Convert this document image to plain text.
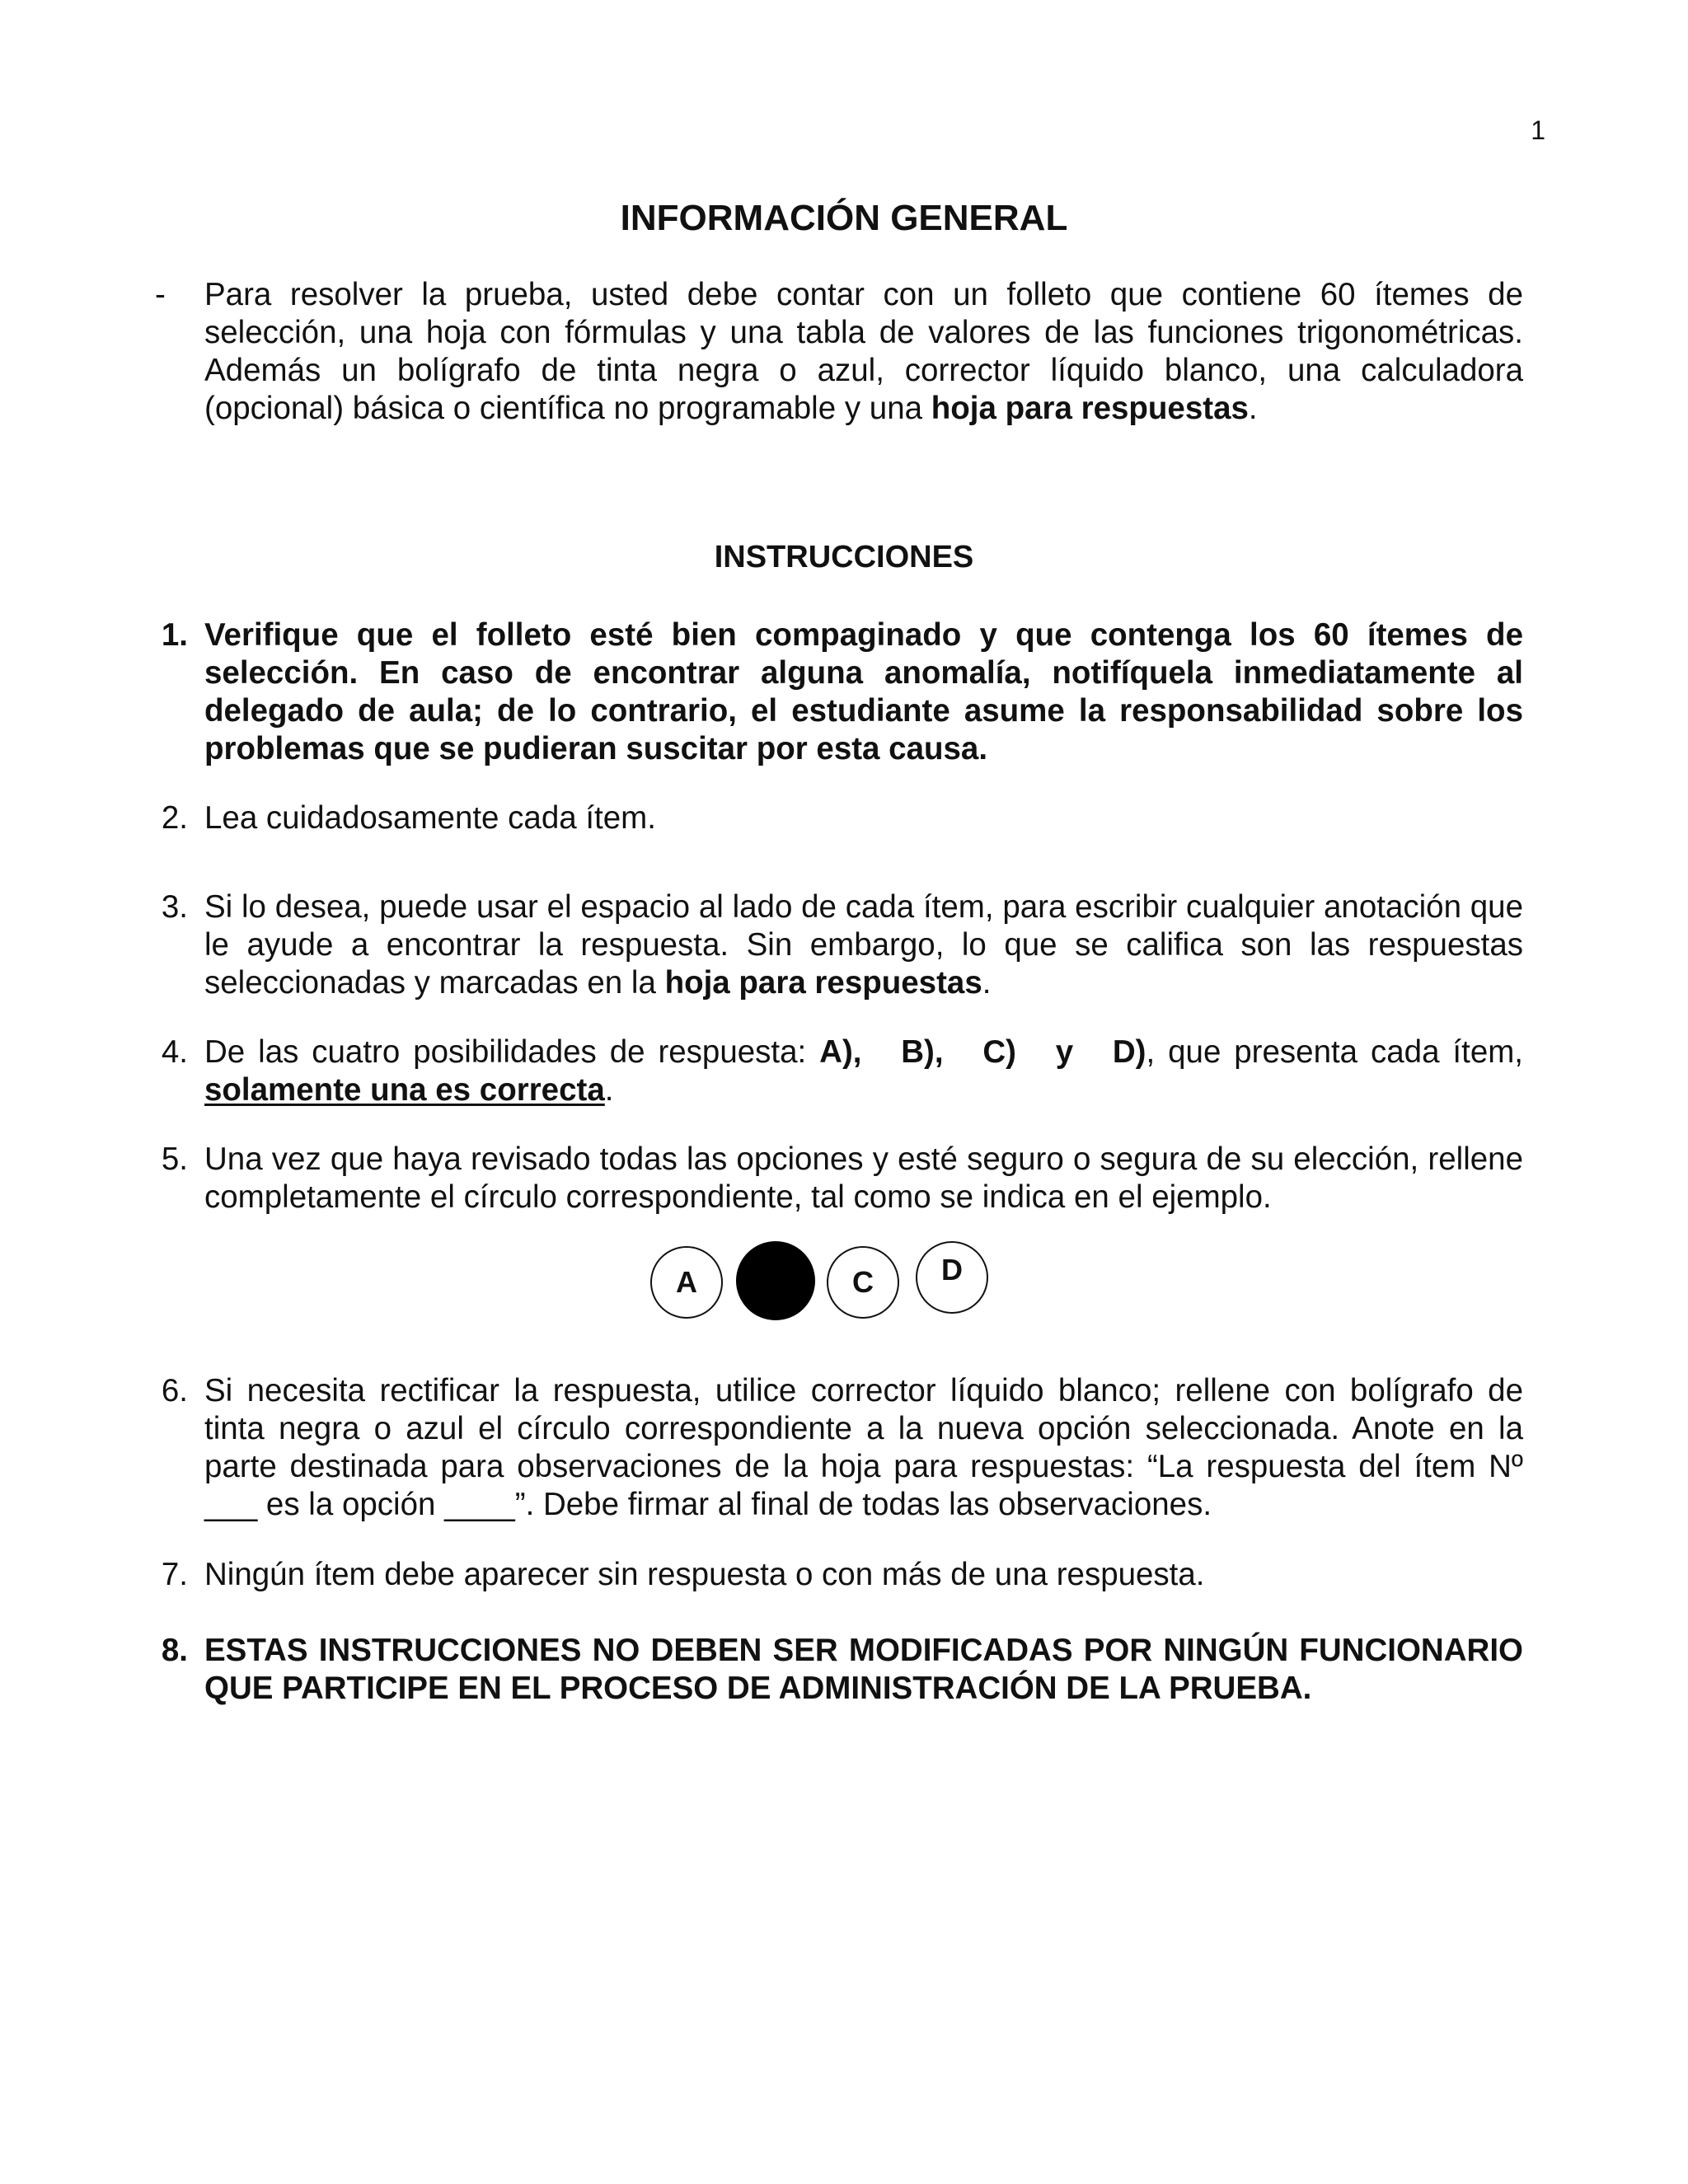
1
INFORMACIÓN GENERAL
- Para resolver la prueba, usted debe contar con un folleto que contiene 60 ítemes de selección, una hoja con fórmulas y una tabla de valores de las funciones trigonométricas. Además un bolígrafo de tinta negra o azul, corrector líquido blanco, una calculadora (opcional) básica o científica no programable y una hoja para respuestas.
INSTRUCCIONES
1. Verifique que el folleto esté bien compaginado y que contenga los 60 ítemes de selección. En caso de encontrar alguna anomalía, notifíquela inmediatamente al delegado de aula; de lo contrario, el estudiante asume la responsabilidad sobre los problemas que se pudieran suscitar por esta causa.
2. Lea cuidadosamente cada ítem.
3. Si lo desea, puede usar el espacio al lado de cada ítem, para escribir cualquier anotación que le ayude a encontrar la respuesta. Sin embargo, lo que se califica son las respuestas seleccionadas y marcadas en la hoja para respuestas.
4. De las cuatro posibilidades de respuesta: A),   B),   C)   y   D), que presenta cada ítem, solamente una es correcta.
5. Una vez que haya revisado todas las opciones y esté seguro o segura de su elección, rellene completamente el círculo correspondiente, tal como se indica en el ejemplo.
A	C	D
6. Si necesita rectificar la respuesta, utilice corrector líquido blanco; rellene con bolígrafo de tinta negra o azul el círculo correspondiente a la nueva opción seleccionada. Anote en la parte destinada para observaciones de la hoja para respuestas: “La respuesta del ítem Nº ___ es la opción ____”. Debe firmar al final de todas las observaciones.
7. Ningún ítem debe aparecer sin respuesta o con más de una respuesta.
8. ESTAS INSTRUCCIONES NO DEBEN SER MODIFICADAS POR NINGÚN FUNCIONARIO QUE PARTICIPE EN EL PROCESO DE ADMINISTRACIÓN DE LA PRUEBA.
